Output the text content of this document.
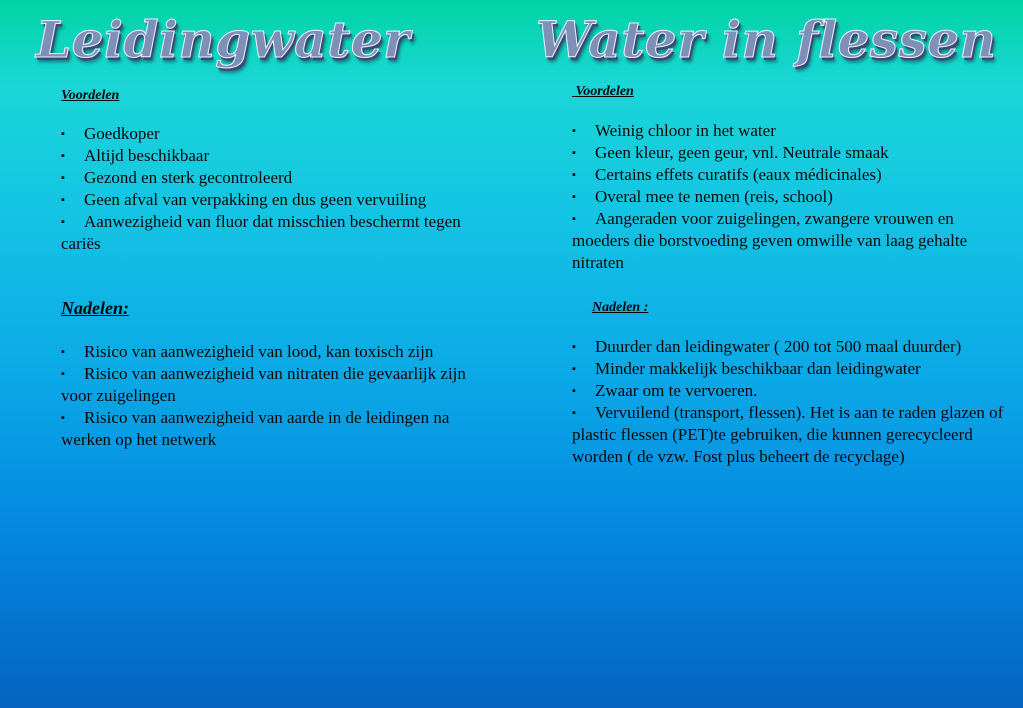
Leidingwater	Water in flessen

Voordelen

▪ Goedkoper
▪ Altijd beschikbaar
▪ Gezond en sterk gecontroleerd
▪ Geen afval van verpakking en dus geen vervuiling
▪ Aanwezigheid van fluor dat misschien beschermt tegen cariës

Nadelen:

▪ Risico van aanwezigheid van lood, kan toxisch zijn
▪ Risico van aanwezigheid van nitraten die gevaarlijk zijn voor zuigelingen
▪ Risico van aanwezigheid van aarde in de leidingen na werken op het netwerk

Voordelen

▪ Weinig chloor in het water
▪ Geen kleur, geen geur, vnl. Neutrale smaak
▪ Certains effets curatifs (eaux médicinales)
▪ Overal mee te nemen (reis, school)
▪ Aangeraden voor zuigelingen, zwangere vrouwen en moeders die borstvoeding geven omwille van laag gehalte nitraten

Nadelen :

▪ Duurder dan leidingwater ( 200 tot 500 maal duurder)
▪ Minder makkelijk beschikbaar dan leidingwater
▪ Zwaar om te vervoeren.
▪ Vervuilend (transport, flessen). Het is aan te raden glazen of plastic flessen (PET)te gebruiken, die kunnen gerecycleerd worden ( de vzw. Fost plus beheert de recyclage)
